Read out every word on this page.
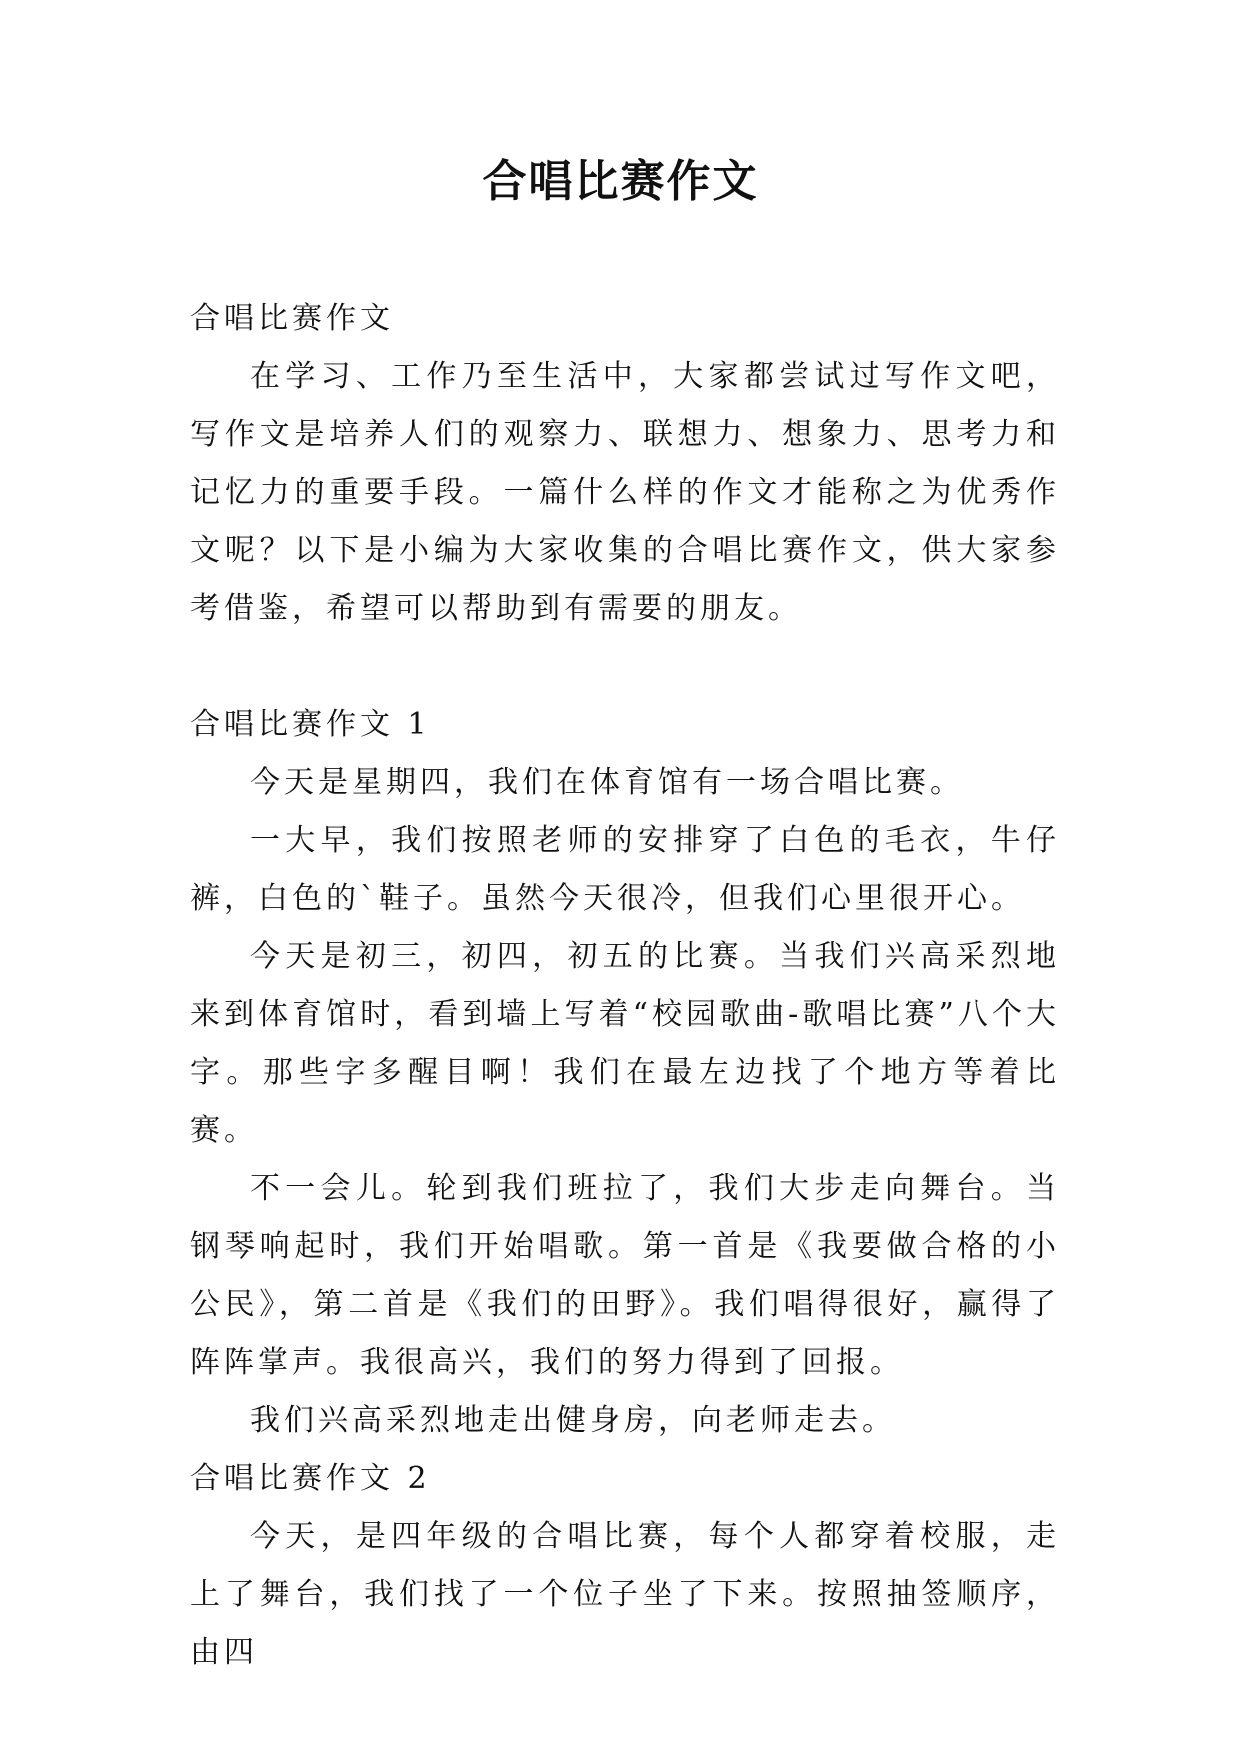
合唱比赛作文

合唱比赛作文

在学习、工作乃至生活中，大家都尝试过写作文吧，写作文是培养人们的观察力、联想力、想象力、思考力和记忆力的重要手段。一篇什么样的作文才能称之为优秀作文呢？以下是小编为大家收集的合唱比赛作文，供大家参考借鉴，希望可以帮助到有需要的朋友。

合唱比赛作文 1

今天是星期四，我们在体育馆有一场合唱比赛。

一大早，我们按照老师的安排穿了白色的毛衣，牛仔裤，白色的`鞋子。虽然今天很冷，但我们心里很开心。

今天是初三，初四，初五的比赛。当我们兴高采烈地来到体育馆时，看到墙上写着“校园歌曲-歌唱比赛”八个大字。那些字多醒目啊！我们在最左边找了个地方等着比赛。

不一会儿。轮到我们班拉了，我们大步走向舞台。当钢琴响起时，我们开始唱歌。第一首是《我要做合格的小公民》，第二首是《我们的田野》。我们唱得很好，赢得了阵阵掌声。我很高兴，我们的努力得到了回报。

我们兴高采烈地走出健身房，向老师走去。

合唱比赛作文 2

今天，是四年级的合唱比赛，每个人都穿着校服，走上了舞台，我们找了一个位子坐了下来。按照抽签顺序，由四
